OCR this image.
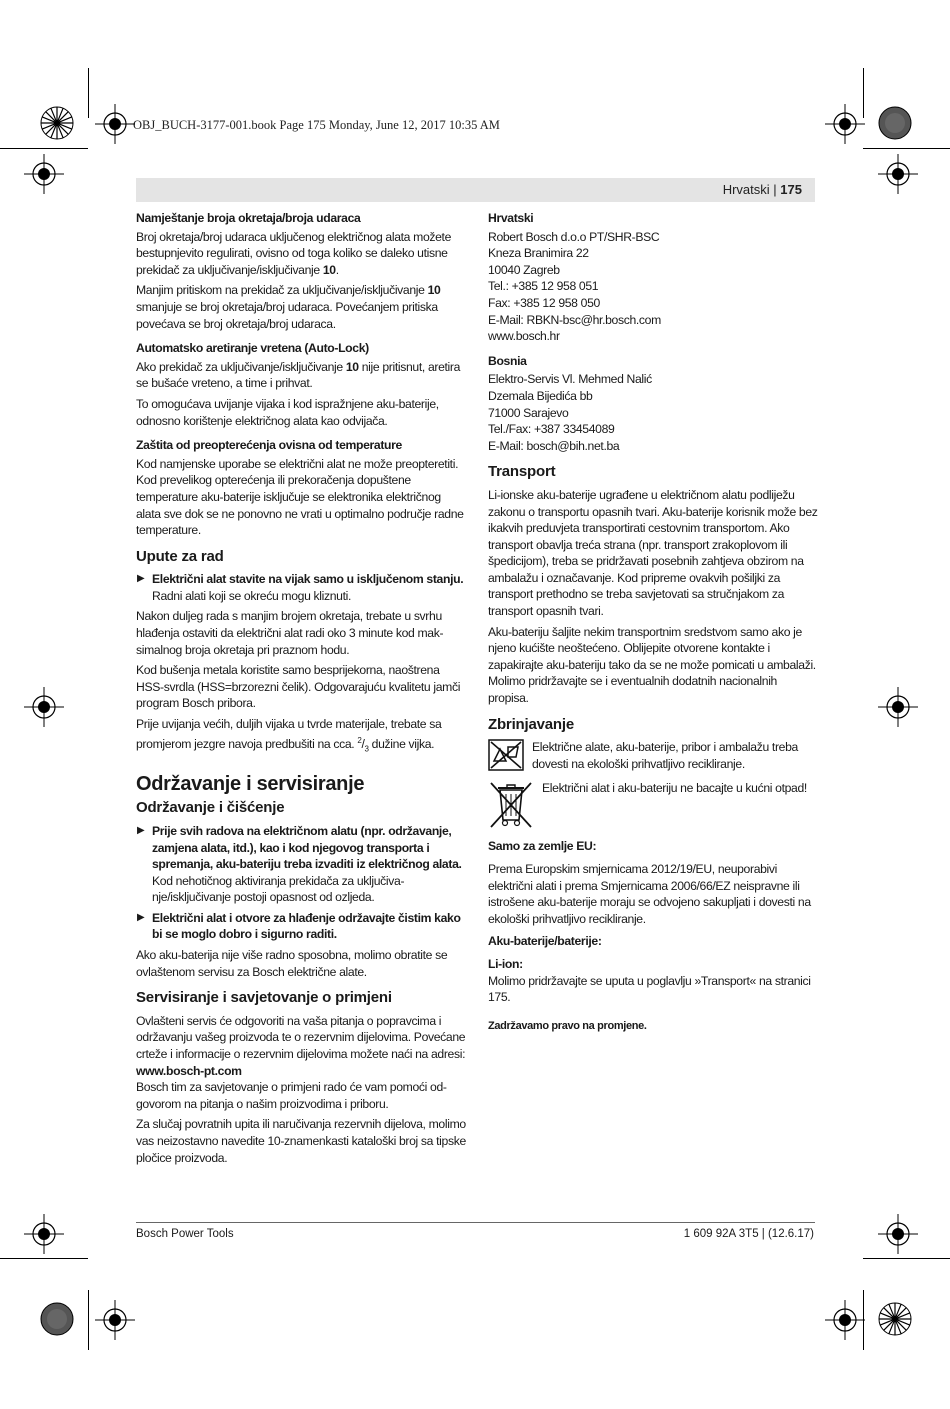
OBJ_BUCH-3177-001.book Page 175 Monday, June 12, 2017 10:35 AM
Hrvatski | 175

Namještanje broja okretaja/broja udaraca

Broj okretaja/broj udaraca uključenog električnog alata možete bestupnjevito regulirati, ovisno od toga koliko se daleko utisne prekidač za uključivanje/isključivanje 10.

Manjim pritiskom na prekidač za uključivanje/isključivanje 10 smanjuje se broj okretaja/broj udaraca. Povećanjem pritiska povećava se broj okretaja/broj udaraca.

Automatsko aretiranje vretena (Auto-Lock)

Ako prekidač za uključivanje/isključivanje 10 nije pritisnut, aretira se bušaće vreteno, a time i prihvat.

To omogućava uvijanje vijaka i kod ispražnjene aku-baterije, odnosno korištenje električnog alata kao odvijača.

Zaštita od preopterećenja ovisna od temperature

Kod namjenske uporabe se električni alat ne može preopteretiti. Kod prevelikog opterećenja ili prekoračenja dopuštene temperature aku-baterije isključuje se elektronika električnog alata sve dok se ne ponovno ne vrati u optimalno područje radne temperature.

Upute za rad

▶ Električni alat stavite na vijak samo u isključenom stanju. Radni alati koji se okreću mogu kliznuti.

Nakon duljeg rada s manjim brojem okretaja, trebate u svrhu hlađenja ostaviti da električni alat radi oko 3 minute kod maksimalnog broja okretaja pri praznom hodu.

Kod bušenja metala koristite samo besprijekorna, naoštrena HSS-svrdla (HSS=brzorezni čelik). Odgovarajuću kvalitetu jamči program Bosch pribora.

Prije uvijanja većih, duljih vijaka u tvrde materijale, trebate sa promjerom jezgre navoja predbušiti na cca. $^2/_3$ dužine vijka.

Održavanje i servisiranje

Održavanje i čišćenje

▶ Prije svih radova na električnom alatu (npr. održavanje, zamjena alata, itd.), kao i kod njegovog transporta i spremanja, aku-bateriju treba izvaditi iz električnog alata. Kod nehotičnog aktiviranja prekidača za uključivanje/isključivanje postoji opasnost od ozljeda.
▶ Električni alat i otvore za hlađenje održavajte čistim kako bi se moglo dobro i sigurno raditi.

Ako aku-baterija nije više radno sposobna, molimo obratite se ovlaštenom servisu za Bosch električne alate.

Servisiranje i savjetovanje o primjeni

Ovlašteni servis će odgovoriti na vaša pitanja o popravcima i održavanju vašeg proizvoda te o rezervnim dijelovima. Povećane crteže i informacije o rezervnim dijelovima možete naći na adresi:

www.bosch-pt.com

Bosch tim za savjetovanje o primjeni rado će vam pomoći odgovorom na pitanja o našim proizvodima i priboru.

Za slučaj povratnih upita ili naručivanja rezervnih dijelova, molimo vas neizostavno navedite 10-znamenkasti kataloški broj sa tipske pločice proizvoda.

Hrvatski

Robert Bosch d.o.o PT/SHR-BSC

Kneza Branimira 22

10040 Zagreb

Tel.: +385 12 958 051

Fax: +385 12 958 050

E-Mail: RBKN-bsc@hr.bosch.com

www.bosch.hr

Bosnia

Elektro-Servis Vl. Mehmed Nalić

Dzemala Bijedića bb

71000 Sarajevo

Tel./Fax: +387 33454089

E-Mail: bosch@bih.net.ba

Transport

Li-ionske aku-baterije ugrađene u električnom alatu podliježu zakonu o transportu opasnih tvari. Aku-baterije korisnik može bez ikakvih preduvjeta transportirati cestovnim transportom. Ako transport obavlja treća strana (npr. transport zrakoplovom ili špedicijom), treba se pridržavati posebnih zahtjeva obzirom na ambalažu i označavanje. Kod pripreme ovakvih pošiljki za transport prethodno se treba savjetovati sa stručnjakom za transport opasnih tvari.

Aku-bateriju šaljite nekim transportnim sredstvom samo ako je njeno kućište neoštećeno. Oblijepite otvorene kontakte i zapakirajte aku-bateriju tako da se ne može pomicati u ambalaži.

Molimo pridržavajte se i eventualnih dodatnih nacionalnih propisa.

Zbrinjavanje

Električne alate, aku-baterije, pribor i ambalažu treba dovesti na ekološki prihvatljivo recikliranje.
Električni alat i aku-bateriju ne bacajte u kućni otpad!

Samo za zemlje EU:

Prema Europskim smjernicama 2012/19/EU, neuporabivi električni alati i prema Smjernicama 2006/66/EZ neispravne ili istrošene aku-baterije moraju se odvojeno sakupljati i dovesti na ekološki prihvatljivo recikliranje.

Aku-baterije/baterije:

Li-ion:

Molimo pridržavajte se uputa u poglavlju »Transport« na stranici 175.

Zadržavamo pravo na promjene.

Bosch Power Tools	1 609 92A 3T5 | (12.6.17)
